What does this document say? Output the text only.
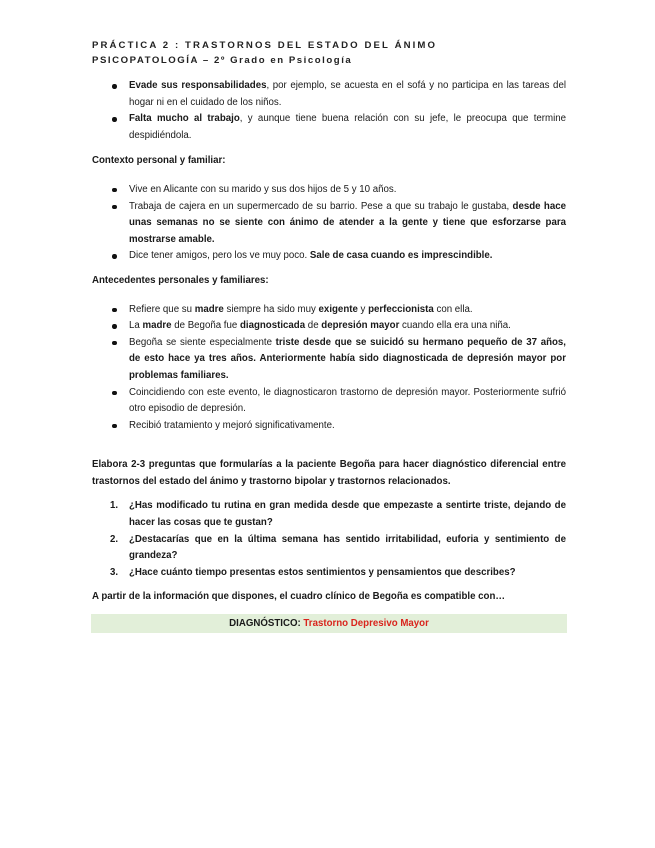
PRÁCTICA 2 : TRASTORNOS DEL ESTADO DEL ÁNIMO
PSICOPATOLOGÍA – 2º Grado en Psicología
Evade sus responsabilidades, por ejemplo, se acuesta en el sofá y no participa en las tareas del hogar ni en el cuidado de los niños.
Falta mucho al trabajo, y aunque tiene buena relación con su jefe, le preocupa que termine despidiéndola.

Contexto personal y familiar:

Vive en Alicante con su marido y sus dos hijos de 5 y 10 años.
Trabaja de cajera en un supermercado de su barrio. Pese a que su trabajo le gustaba, desde hace unas semanas no se siente con ánimo de atender a la gente y tiene que esforzarse para mostrarse amable.
Dice tener amigos, pero los ve muy poco. Sale de casa cuando es imprescindible.

Antecedentes personales y familiares:

Refiere que su madre siempre ha sido muy exigente y perfeccionista con ella.
La madre de Begoña fue diagnosticada de depresión mayor cuando ella era una niña.
Begoña se siente especialmente triste desde que se suicidó su hermano pequeño de 37 años, de esto hace ya tres años. Anteriormente había sido diagnosticada de depresión mayor por problemas familiares.
Coincidiendo con este evento, le diagnosticaron trastorno de depresión mayor. Posteriormente sufrió otro episodio de depresión.
Recibió tratamiento y mejoró significativamente.

Elabora 2-3 preguntas que formularías a la paciente Begoña para hacer diagnóstico diferencial entre trastornos del estado del ánimo y trastorno bipolar y trastornos relacionados.

1. ¿Has modificado tu rutina en gran medida desde que empezaste a sentirte triste, dejando de hacer las cosas que te gustan?
2. ¿Destacarías que en la última semana has sentido irritabilidad, euforia y sentimiento de grandeza?
3. ¿Hace cuánto tiempo presentas estos sentimientos y pensamientos que describes?

A partir de la información que dispones, el cuadro clínico de Begoña es compatible con…

DIAGNÓSTICO: Trastorno Depresivo Mayor
